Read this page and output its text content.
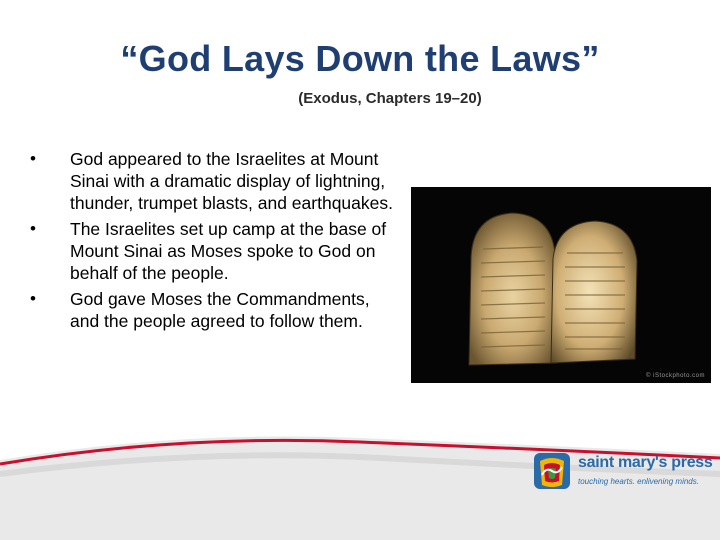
“God Lays Down the Laws”
(Exodus, Chapters 19–20)
• God appeared to the Israelites at Mount Sinai with a dramatic display of lightning, thunder, trumpet blasts, and earthquakes.
• The Israelites set up camp at the base of Mount Sinai as Moses spoke to God on behalf of the people.
• God gave Moses the Commandments, and the people agreed to follow them.
© iStockphoto.com
saint mary's press
touching hearts. enlivening minds.
